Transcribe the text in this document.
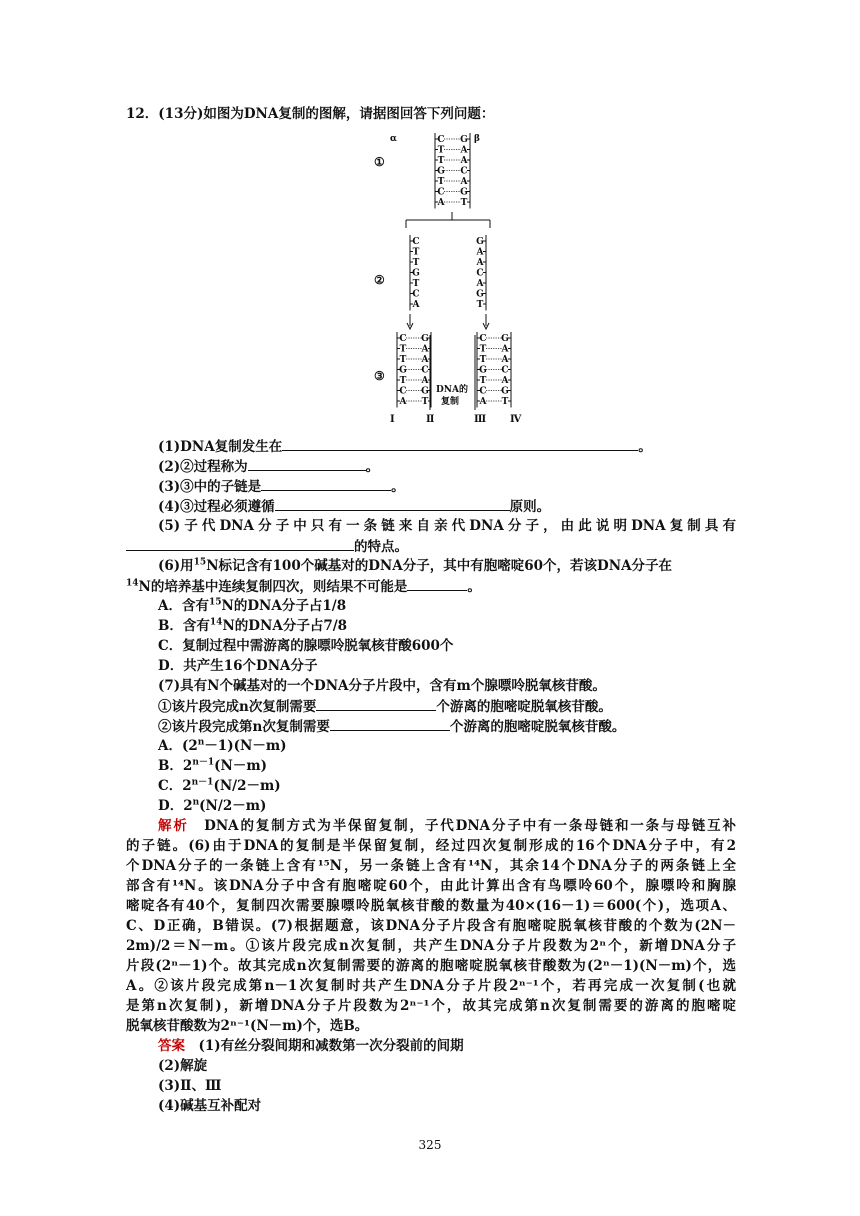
12．(13分)如图为DNA复制的图解，请据图回答下列问题：
α	β
①
②
③
C G
T A
T A
G C
T A
C G
A T
C
T
T
G
T
C
A
G
A
A
C
A
G
T
C G
T A
T A
G C
T A
C G
A T
C G
T A
T A
G C
T A
C G
A T
DNA的
复制
Ⅰ	Ⅱ	Ⅲ Ⅳ
(1)DNA复制发生在	。
(2)②过程称为	。
(3)③中的子链是	。
(4)③过程必须遵循	原则。
(5)子代DNA分子中只有一条链来自亲代DNA分子，由此说明DNA复制具有
的特点。
(6)用$^{15}$N标记含有100个碱基对的DNA分子，其中有胞嘧啶60个，若该DNA分子在
$^{14}$N的培养基中连续复制四次，则结果不可能是	。
A．含有$^{15}$N的DNA分子占1/8
B．含有$^{14}$N的DNA分子占7/8
C．复制过程中需游离的腺嘌呤脱氧核苷酸600个
D．共产生16个DNA分子
(7)具有N个碱基对的一个DNA分子片段中，含有m个腺嘌呤脱氧核苷酸。
①该片段完成n次复制需要	个游离的胞嘧啶脱氧核苷酸。
②该片段完成第n次复制需要	个游离的胞嘧啶脱氧核苷酸。
A．$(2^n-1)(N-m)$
B．$2^{n-1}(N-m)$
C．$2^{n-1}(N/2-m)$
D．$2^n(N/2-m)$
解析　 DNA的复制方式为半保留复制，子代DNA分子中有一条母链和一条与母链互补
的子链。(6)由于DNA的复制是半保留复制，经过四次复制形成的16个DNA分子中，有2
个DNA分子的一条链上含有¹⁵N，另一条链上含有¹⁴N，其余14个DNA分子的两条链上全
部含有¹⁴N。该DNA分子中含有胞嘧啶60个，由此计算出含有鸟嘌呤60个，腺嘌呤和胸腺
嘧啶各有40个，复制四次需要腺嘌呤脱氧核苷酸的数量为40×(16－1)＝600(个)，选项A、
C、D正确，B错误。(7)根据题意，该DNA分子片段含有胞嘧啶脱氧核苷酸的个数为(2N－
2m)/2＝N－m。①该片段完成n次复制，共产生DNA分子片段数为2ⁿ个，新增DNA分子
片段(2ⁿ－1)个。故其完成n次复制需要的游离的胞嘧啶脱氧核苷酸数为(2ⁿ－1)(N－m)个，选
A。②该片段完成第n－1次复制时共产生DNA分子片段2ⁿ⁻¹个，若再完成一次复制(也就
是第n次复制)，新增DNA分子片段数为2ⁿ⁻¹个，故其完成第n次复制需要的游离的胞嘧啶
脱氧核苷酸数为2ⁿ⁻¹(N－m)个，选B。
答案　 (1)有丝分裂间期和减数第一次分裂前的间期
(2)解旋
(3)Ⅱ、Ⅲ
(4)碱基互补配对
325
